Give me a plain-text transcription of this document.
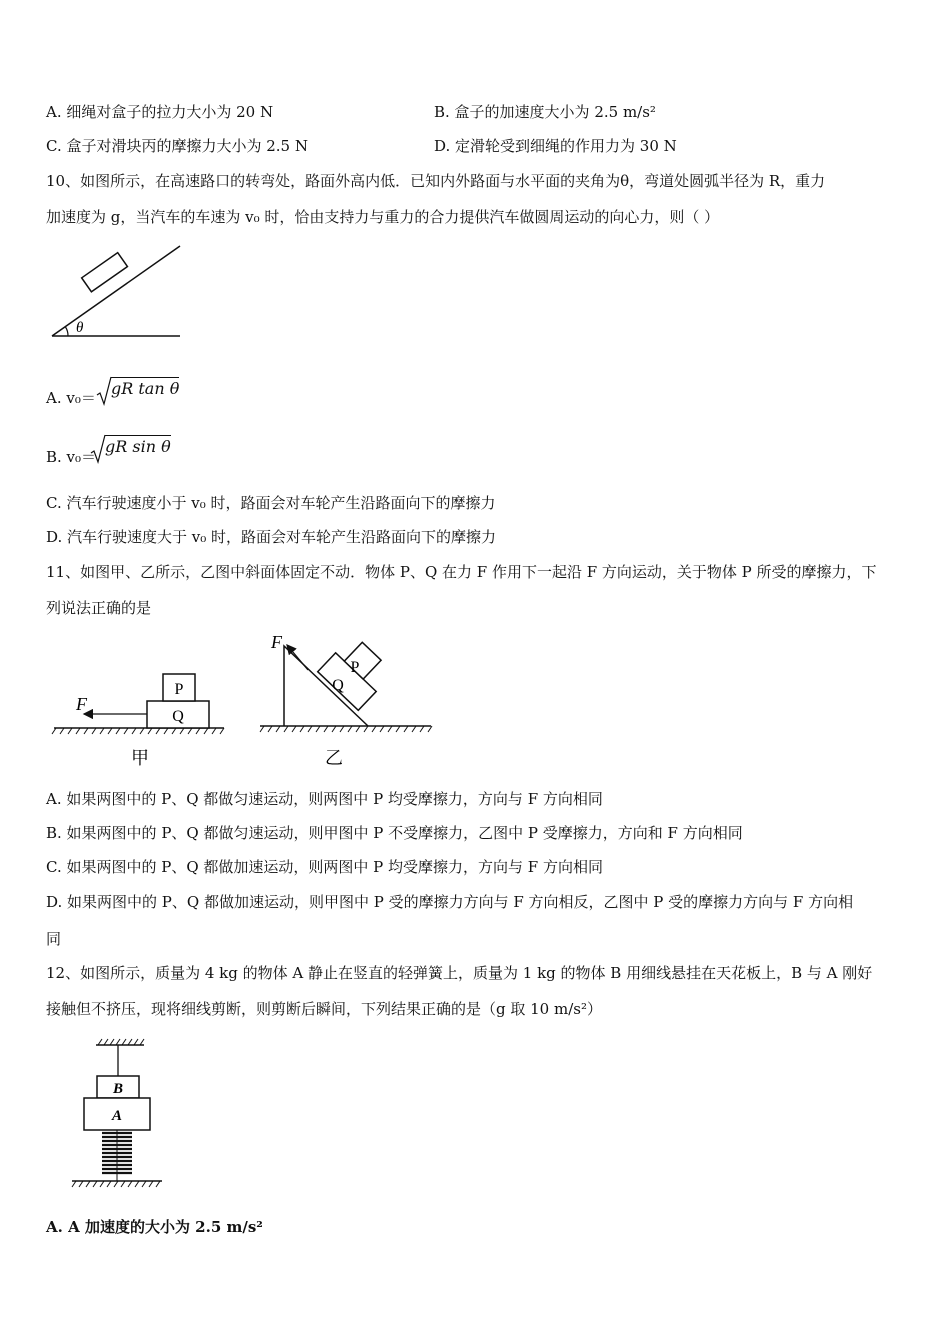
A. 细绳对盒子的拉力大小为 20 N	B. 盒子的加速度大小为 2.5 m/s²
C. 盒子对滑块丙的摩擦力大小为 2.5 N	D. 定滑轮受到细绳的作用力为 30 N
10、如图所示，在高速路口的转弯处，路面外高内低．已知内外路面与水平面的夹角为θ，弯道处圆弧半径为 R，重力
加速度为 g，当汽车的车速为 v₀ 时，恰由支持力与重力的合力提供汽车做圆周运动的向心力，则（ ）
θ
A. v₀＝ gR tan θ
B. v₀＝
gR sin θ
C. 汽车行驶速度小于 v₀ 时，路面会对车轮产生沿路面向下的摩擦力
D. 汽车行驶速度大于 v₀ 时，路面会对车轮产生沿路面向下的摩擦力
11、如图甲、乙所示，乙图中斜面体固定不动．物体 P、Q 在力 F 作用下一起沿 F 方向运动，关于物体 P 所受的摩擦力，下
列说法正确的是
Q
P
F
甲
Q
P
F
乙
A. 如果两图中的 P、Q 都做匀速运动，则两图中 P 均受摩擦力，方向与 F 方向相同
B. 如果两图中的 P、Q 都做匀速运动，则甲图中 P 不受摩擦力，乙图中 P 受摩擦力，方向和 F 方向相同
C. 如果两图中的 P、Q 都做加速运动，则两图中 P 均受摩擦力，方向与 F 方向相同
D. 如果两图中的 P、Q 都做加速运动，则甲图中 P 受的摩擦力方向与 F 方向相反，乙图中 P 受的摩擦力方向与 F 方向相
同
12、如图所示，质量为 4 kg 的物体 A 静止在竖直的轻弹簧上，质量为 1 kg 的物体 B 用细线悬挂在天花板上，B 与 A 刚好
接触但不挤压，现将细线剪断，则剪断后瞬间，下列结果正确的是（g 取 10 m/s²）
B
A
A. A 加速度的大小为 2.5 m/s²
